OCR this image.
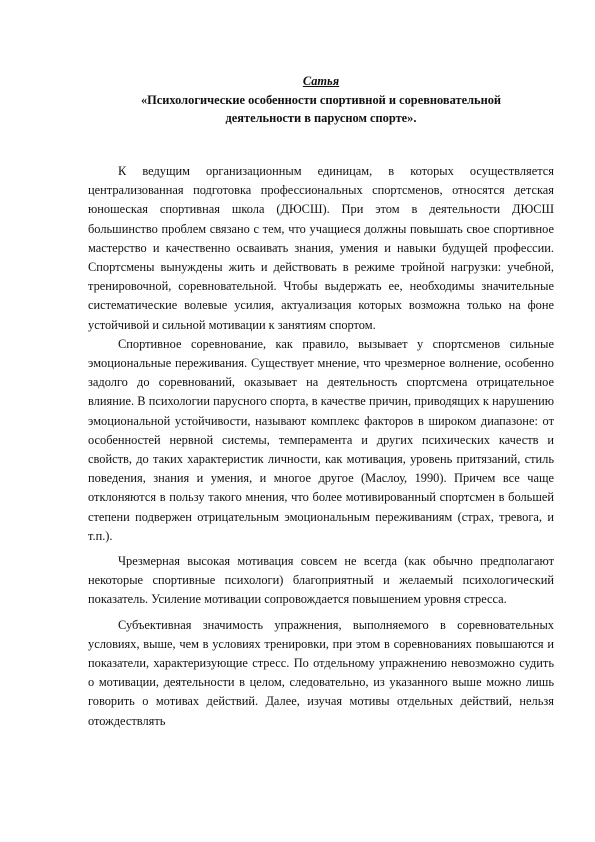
Сатья
«Психологические особенности спортивной и соревновательной
деятельности в парусном спорте».

К ведущим организационным единицам, в которых осуществляется централизованная подготовка профессиональных спортсменов, относятся детская юношеская спортивная школа (ДЮСШ). При этом в деятельности ДЮСШ большинство проблем связано с тем, что учащиеся должны повышать свое спортивное мастерство и качественно осваивать знания, умения и навыки будущей профессии. Спортсмены вынуждены жить и действовать в режиме тройной нагрузки: учебной, тренировочной, соревновательной. Чтобы выдержать ее, необходимы значительные систематические волевые усилия, актуализация которых возможна только на фоне устойчивой и сильной мотивации к занятиям спортом.

Спортивное соревнование, как правило, вызывает у спортсменов сильные эмоциональные переживания. Существует мнение, что чрезмерное волнение, особенно задолго до соревнований, оказывает на деятельность спортсмена отрицательное влияние. В психологии парусного спорта, в качестве причин, приводящих к нарушению эмоциональной устойчивости, называют комплекс факторов в широком диапазоне: от особенностей нервной системы, темперамента и других психических качеств и свойств, до таких характеристик личности, как мотивация, уровень притязаний, стиль поведения, знания и умения, и многое другое (Маслоу, 1990). Причем все чаще отклоняются в пользу такого мнения, что более мотивированный спортсмен в большей степени подвержен отрицательным эмоциональным переживаниям (страх, тревога, и т.п.).

Чрезмерная высокая мотивация совсем не всегда (как обычно предполагают некоторые спортивные психологи) благоприятный и желаемый психологический показатель. Усиление мотивации сопровождается повышением уровня стресса.

Субъективная значимость упражнения, выполняемого в соревновательных условиях, выше, чем в условиях тренировки, при этом в соревнованиях повышаются и показатели, характеризующие стресс. По отдельному упражнению невозможно судить о мотивации, деятельности в целом, следовательно, из указанного выше можно лишь говорить о мотивах действий. Далее, изучая мотивы отдельных действий, нельзя отождествлять
